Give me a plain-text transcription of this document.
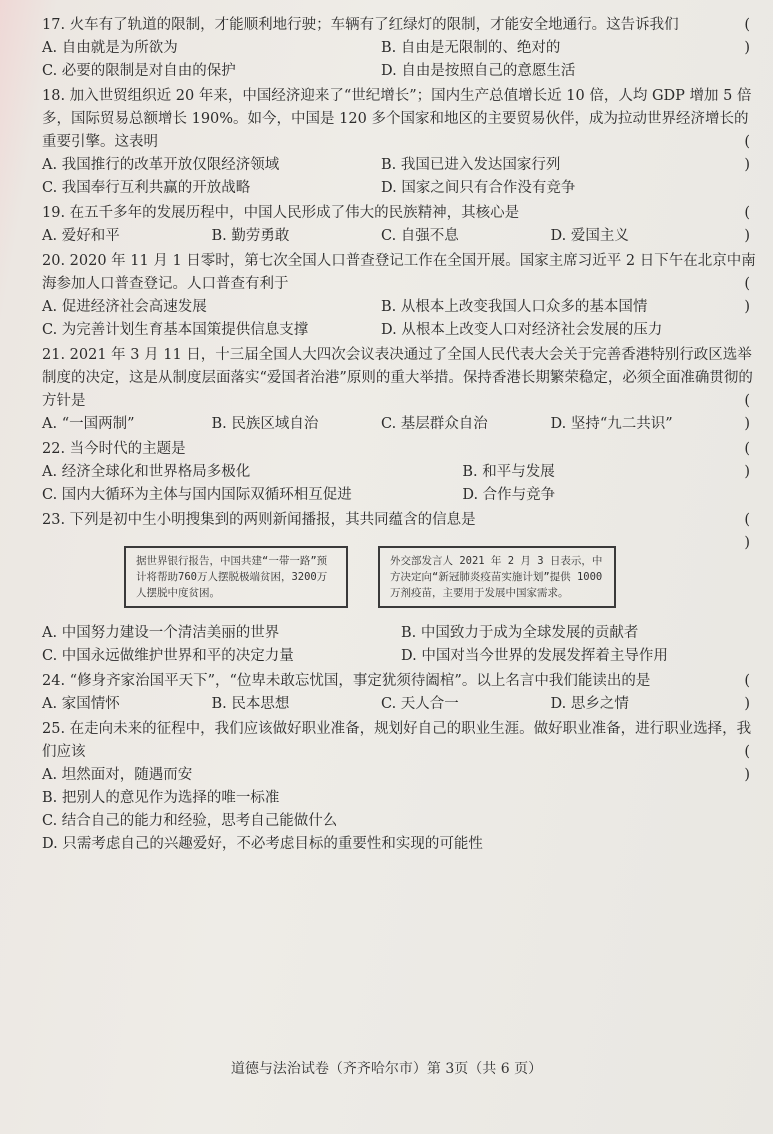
17. 火车有了轨道的限制，才能顺利地行驶；车辆有了红绿灯的限制，才能安全地通行。这告诉我们	( )

A. 自由就是为所欲为	B. 自由是无限制的、绝对的
C. 必要的限制是对自由的保护	D. 自由是按照自己的意愿生活

18. 加入世贸组织近 20 年来，中国经济迎来了“世纪增长”；国内生产总值增长近 10 倍，人均 GDP 增加 5 倍多，国际贸易总额增长 190%。如今，中国是 120 多个国家和地区的主要贸易伙伴，成为拉动世界经济增长的重要引擎。这表明	( )

A. 我国推行的改革开放仅限经济领域	B. 我国已进入发达国家行列
C. 我国奉行互利共赢的开放战略	D. 国家之间只有合作没有竞争

19. 在五千多年的发展历程中，中国人民形成了伟大的民族精神，其核心是	( )

A. 爱好和平	B. 勤劳勇敢	C. 自强不息	D. 爱国主义

20. 2020 年 11 月 1 日零时，第七次全国人口普查登记工作在全国开展。国家主席习近平 2 日下午在北京中南海参加人口普查登记。人口普查有利于	( )

A. 促进经济社会高速发展	B. 从根本上改变我国人口众多的基本国情
C. 为完善计划生育基本国策提供信息支撑	D. 从根本上改变人口对经济社会发展的压力

21. 2021 年 3 月 11 日，十三届全国人大四次会议表决通过了全国人民代表大会关于完善香港特别行政区选举制度的决定，这是从制度层面落实“爱国者治港”原则的重大举措。保持香港长期繁荣稳定，必须全面准确贯彻的方针是	( )

A. “一国两制”	B. 民族区域自治	C. 基层群众自治	D. 坚持“九二共识”

22. 当今时代的主题是	( )

A. 经济全球化和世界格局多极化	B. 和平与发展
C. 国内大循环为主体与国内国际双循环相互促进	D. 合作与竞争

23. 下列是初中生小明搜集到的两则新闻播报，其共同蕴含的信息是	( )

据世界银行报告，中国共建“一带一路”预计将帮助760万人摆脱极端贫困，3200万人摆脱中度贫困。
外交部发言人 2021 年 2 月 3 日表示，中方决定向“新冠肺炎疫苗实施计划”提供 1000 万剂疫苗，主要用于发展中国家需求。
A. 中国努力建设一个清洁美丽的世界	B. 中国致力于成为全球发展的贡献者
C. 中国永远做维护世界和平的决定力量	D. 中国对当今世界的发展发挥着主导作用

24. “修身齐家治国平天下”，“位卑未敢忘忧国，事定犹须待阖棺”。以上名言中我们能读出的是	( )

A. 家国情怀	B. 民本思想	C. 天人合一	D. 思乡之情

25. 在走向未来的征程中，我们应该做好职业准备，规划好自己的职业生涯。做好职业准备，进行职业选择，我们应该	( )

A. 坦然面对，随遇而安
B. 把别人的意见作为选择的唯一标准
C. 结合自己的能力和经验，思考自己能做什么
D. 只需考虑自己的兴趣爱好，不必考虑目标的重要性和实现的可能性
道德与法治试卷（齐齐哈尔市）第 3页（共 6 页）
